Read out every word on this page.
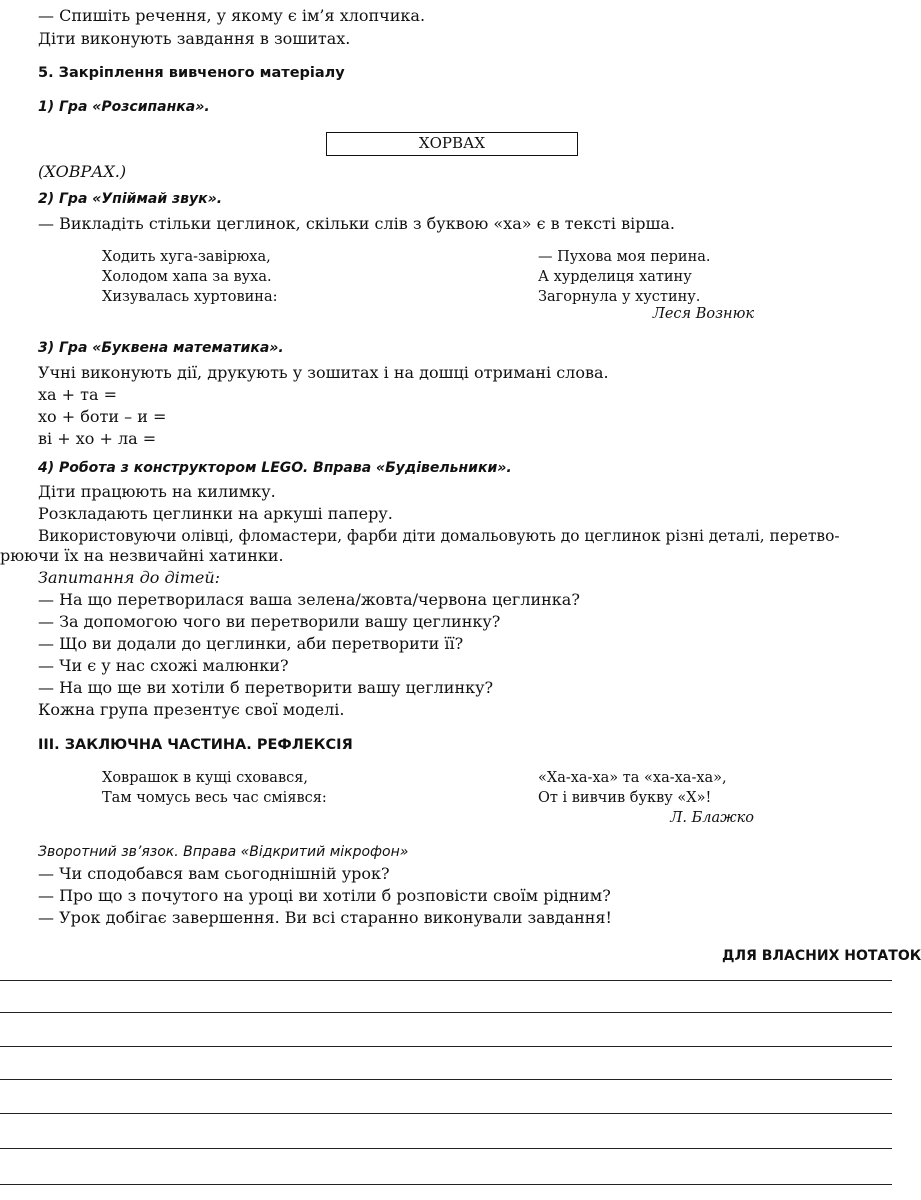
— Спишіть речення, у якому є ім’я хлопчика.

Діти виконують завдання в зошитах.

5. Закріплення вивченого матеріалу
1) Гра «Розсипанка».
ХОРВАХ
(ХОВРАХ.)
2) Гра «Упіймай звук».
— Викладіть стільки цеглинок, скільки слів з буквою «ха» є в тексті вірша.

Ходить хуга-завірюха,

Холодом хапа за вуха.

Хизувалась хуртовина:

— Пухова моя перина.

А хурделиця хатину

Загорнула у хустину.

Леся Вознюк
3) Гра «Буквена математика».

Учні виконують дії, друкують у зошитах і на дошці отримані слова.

ха + та =

хо + боти – и =

ві + хо + ла =

4) Робота з конструктором LEGO. Вправа «Будівельники».

Діти працюють на килимку.

Розкладають цеглинки на аркуші паперу.

Використовуючи олівці, фломастери, фарби діти домальовують до цеглинок різні деталі, перетво-

рюючи їх на незвичайні хатинки.
Запитання до дітей:

— На що перетворилася ваша зелена/жовта/червона цеглинка?

— За допомогою чого ви перетворили вашу цеглинку?

— Що ви додали до цеглинки, аби перетворити її?

— Чи є у нас схожі малюнки?

— На що ще ви хотіли б перетворити вашу цеглинку?

Кожна група презентує свої моделі.

III. ЗАКЛЮЧНА ЧАСТИНА. РЕФЛЕКСІЯ

Ховрашок в кущі сховався,

Там чомусь весь час сміявся:

«Ха-ха-ха» та «ха-ха-ха»,

От і вивчив букву «Х»!

Л. Блажко
Зворотний зв’язок. Вправа «Відкритий мікрофон»

— Чи сподобався вам сьогоднішній урок?

— Про що з почутого на уроці ви хотіли б розповісти своїм рідним?

— Урок добігає завершення. Ви всі старанно виконували завдання!

ДЛЯ ВЛАСНИХ НОТАТОК
